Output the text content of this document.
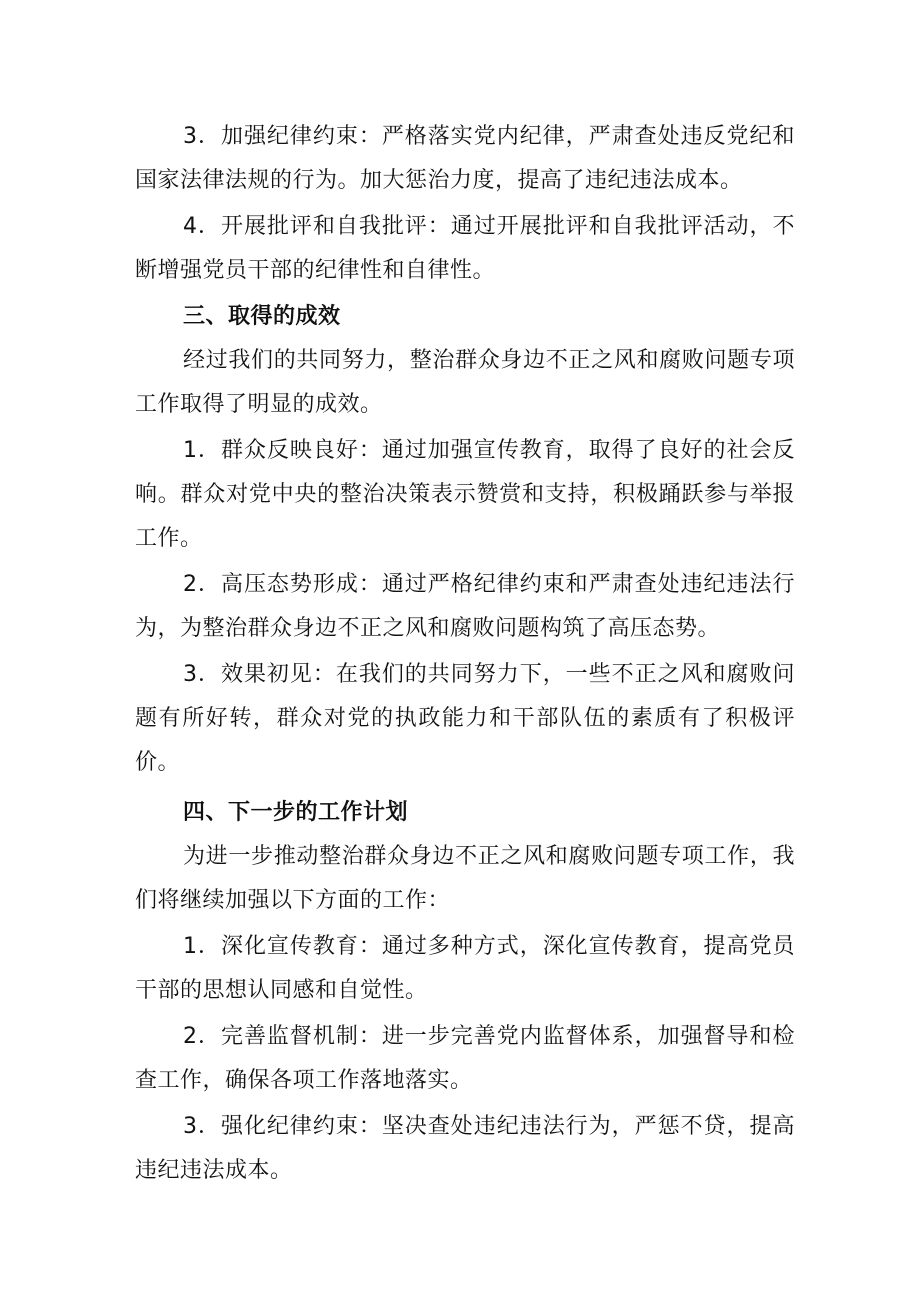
3．加强纪律约束：严格落实党内纪律，严肃查处违反党纪和国家法律法规的行为。加大惩治力度，提高了违纪违法成本。

4．开展批评和自我批评：通过开展批评和自我批评活动，不断增强党员干部的纪律性和自律性。

三、取得的成效

经过我们的共同努力，整治群众身边不正之风和腐败问题专项工作取得了明显的成效。

1．群众反映良好：通过加强宣传教育，取得了良好的社会反响。群众对党中央的整治决策表示赞赏和支持，积极踊跃参与举报工作。

2．高压态势形成：通过严格纪律约束和严肃查处违纪违法行为，为整治群众身边不正之风和腐败问题构筑了高压态势。

3．效果初见：在我们的共同努力下，一些不正之风和腐败问题有所好转，群众对党的执政能力和干部队伍的素质有了积极评价。

四、下一步的工作计划

为进一步推动整治群众身边不正之风和腐败问题专项工作，我们将继续加强以下方面的工作：

1．深化宣传教育：通过多种方式，深化宣传教育，提高党员干部的思想认同感和自觉性。

2．完善监督机制：进一步完善党内监督体系，加强督导和检查工作，确保各项工作落地落实。

3．强化纪律约束：坚决查处违纪违法行为，严惩不贷，提高违纪违法成本。
